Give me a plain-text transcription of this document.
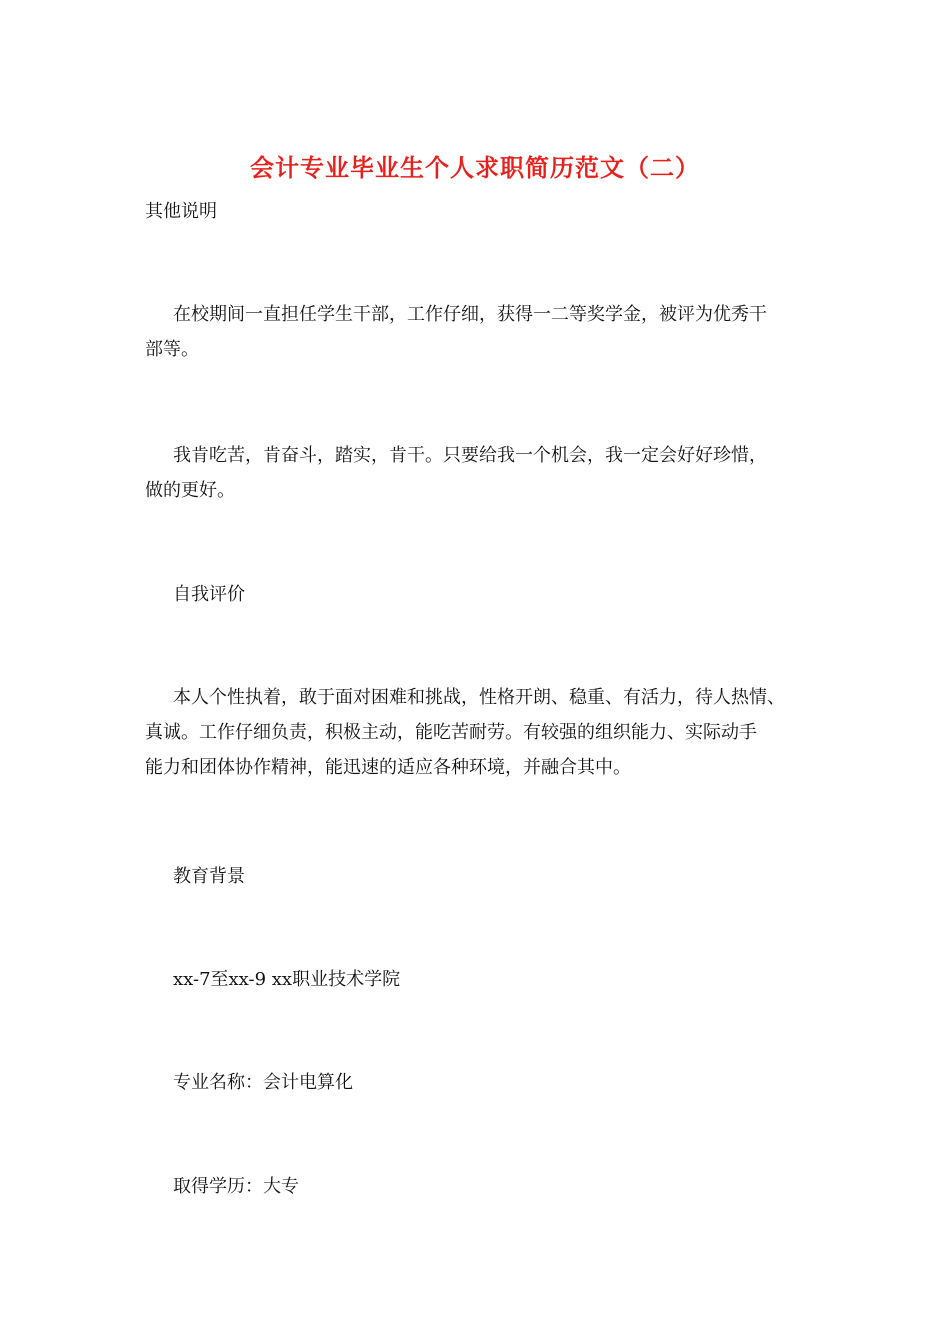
会计专业毕业生个人求职简历范文（二）
其他说明

在校期间一直担任学生干部，工作仔细，获得一二等奖学金，被评为优秀干

部等。

我肯吃苦，肯奋斗，踏实，肯干。只要给我一个机会，我一定会好好珍惜，

做的更好。

自我评价

本人个性执着，敢于面对困难和挑战，性格开朗、稳重、有活力，待人热情、

真诚。工作仔细负责，积极主动，能吃苦耐劳。有较强的组织能力、实际动手

能力和团体协作精神，能迅速的适应各种环境，并融合其中。

教育背景
xx-7至xx-9 xx职业技术学院
专业名称：会计电算化
取得学历：大专
